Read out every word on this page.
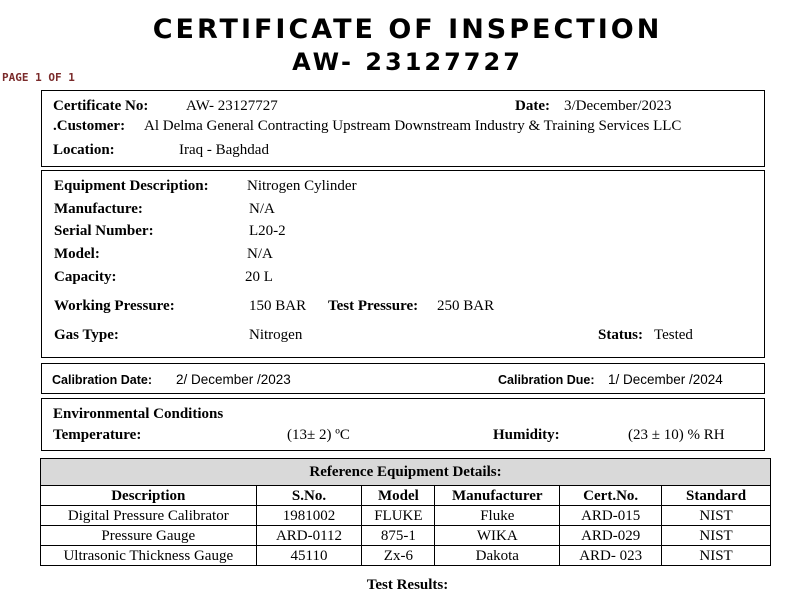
CERTIFICATE OF INSPECTION
AW- 23127727
PAGE 1 OF 1
Certificate No:	AW- 23127727	Date: 3/December/2023
.Customer: Al Delma General Contracting Upstream Downstream Industry & Training Services LLC
Location:	Iraq - Baghdad
Equipment Description:	Nitrogen Cylinder
Manufacture:	N/A
Serial Number:	L20-2
Model:	N/A
Capacity:	20 L
Working Pressure:	150 BAR Test Pressure: 250 BAR
Gas Type:	Nitrogen	Status: Tested
Calibration Date: 2/ December /2023	Calibration Due: 1/ December /2024
Environmental Conditions
Temperature:	(13± 2) ºC	Humidity:	(23 ± 10) % RH
Reference Equipment Details:					
Description	S.No.	Model	Manufacturer	Cert.No.	Standard
Digital Pressure Calibrator	1981002	FLUKE	Fluke	ARD-015	NIST
Pressure Gauge	ARD-0112	875-1	WIKA	ARD-029	NIST
Ultrasonic Thickness Gauge	45110	Zx-6	Dakota	ARD- 023	NIST
Test Results:
